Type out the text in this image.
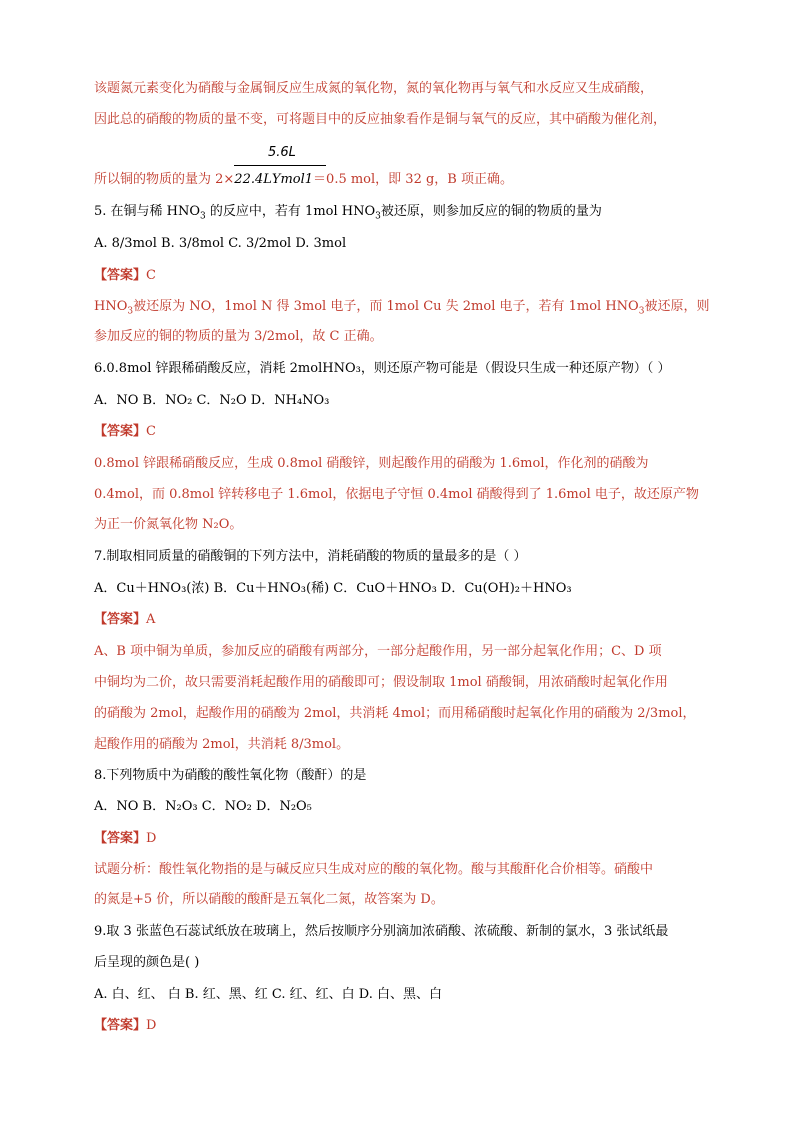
该题氮元素变化为硝酸与金属铜反应生成氮的氧化物，氮的氧化物再与氧气和水反应又生成硝酸，
因此总的硝酸的物质的量不变，可将题目中的反应抽象看作是铜与氧气的反应，其中硝酸为催化剂，
5.6L
所以铜的物质的量为 2×22.4LΥmol1＝0.5 mol，即 32 g，B 项正确。
5. 在铜与稀 $HNO_3$ 的反应中，若有 1mol $HNO_3$被还原，则参加反应的铜的物质的量为
A. 8/3mol B. 3/8mol C. 3/2mol D. 3mol
【答案】C
$HNO_3$被还原为 NO，1mol N 得 3mol 电子，而 1mol Cu 失 2mol 电子，若有 1mol $HNO_3$被还原，则
参加反应的铜的物质的量为 3/2mol，故 C 正确。
6.0.8mol 锌跟稀硝酸反应，消耗 2molHNO₃，则还原产物可能是（假设只生成一种还原产物）（ ）
A．NO B．NO₂ C．N₂O D．NH₄NO₃
【答案】C
0.8mol 锌跟稀硝酸反应，生成 0.8mol 硝酸锌，则起酸作用的硝酸为 1.6mol，作化剂的硝酸为
0.4mol，而 0.8mol 锌转移电子 1.6mol，依据电子守恒 0.4mol 硝酸得到了 1.6mol 电子，故还原产物
为正一价氮氧化物 N₂O。
7.制取相同质量的硝酸铜的下列方法中，消耗硝酸的物质的量最多的是（ ）
A．Cu＋HNO₃(浓) B．Cu＋HNO₃(稀) C．CuO＋HNO₃ D．Cu(OH)₂＋HNO₃
【答案】A
A、B 项中铜为单质，参加反应的硝酸有两部分，一部分起酸作用，另一部分起氧化作用；C、D 项
中铜均为二价，故只需要消耗起酸作用的硝酸即可；假设制取 1mol 硝酸铜，用浓硝酸时起氧化作用
的硝酸为 2mol，起酸作用的硝酸为 2mol，共消耗 4mol；而用稀硝酸时起氧化作用的硝酸为 2/3mol，
起酸作用的硝酸为 2mol，共消耗 8/3mol。
8.下列物质中为硝酸的酸性氧化物（酸酐）的是
A．NO B．N₂O₃ C．NO₂ D．N₂O₅
【答案】D
试题分析：酸性氧化物指的是与碱反应只生成对应的酸的氧化物。酸与其酸酐化合价相等。硝酸中
的氮是+5 价，所以硝酸的酸酐是五氧化二氮，故答案为 D。
9.取 3 张蓝色石蕊试纸放在玻璃上，然后按顺序分别滴加浓硝酸、浓硫酸、新制的氯水，3 张试纸最
后呈现的颜色是( )
A. 白、红、 白 B. 红、黑、红 C. 红、红、白 D. 白、黑、白
【答案】D
